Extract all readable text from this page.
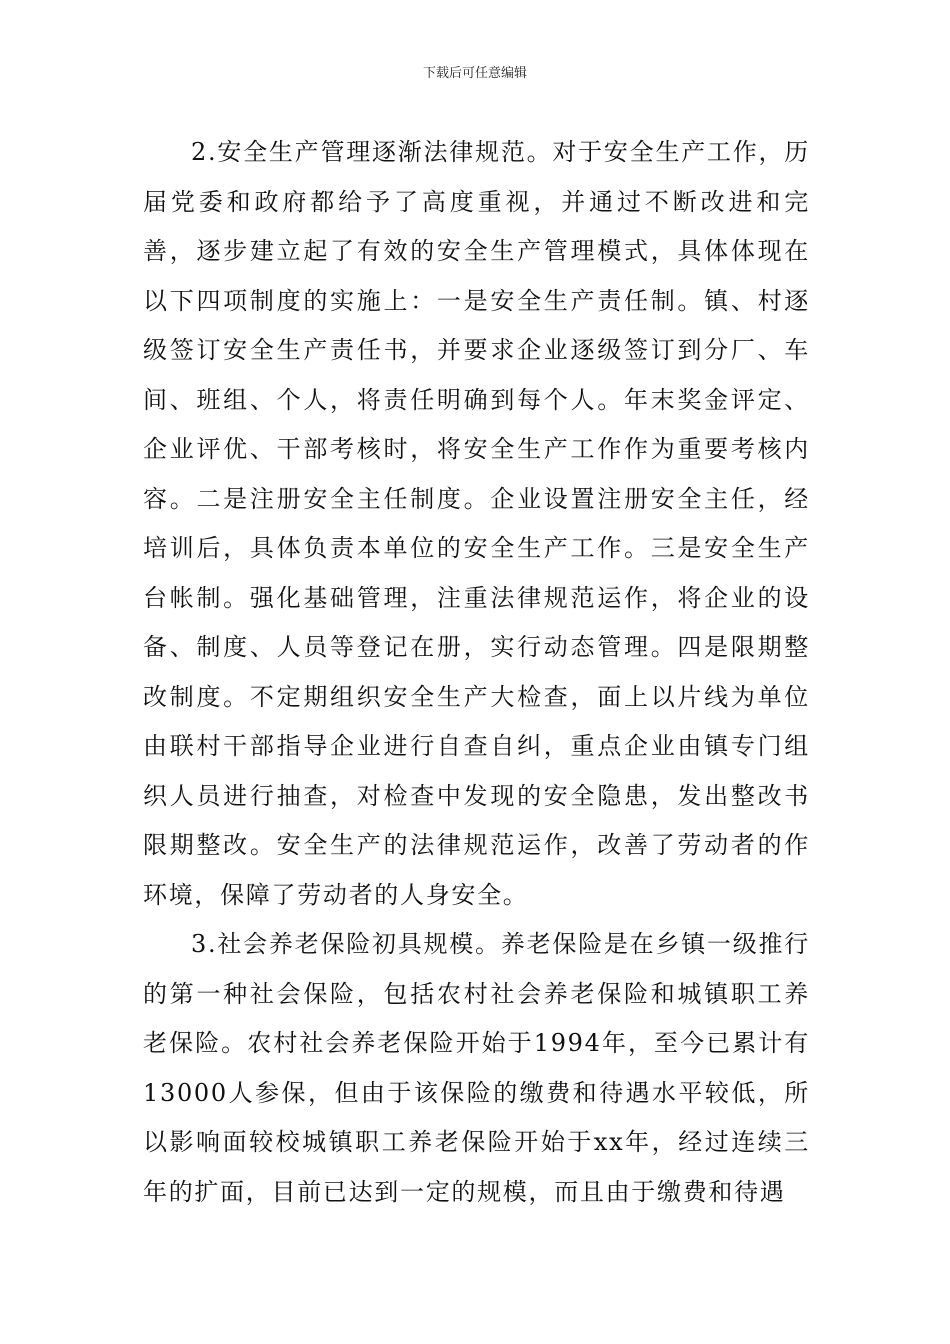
下载后可任意编辑

2.安全生产管理逐渐法律规范。对于安全生产工作，历届党委和政府都给予了高度重视，并通过不断改进和完善，逐步建立起了有效的安全生产管理模式，具体体现在以下四项制度的实施上：一是安全生产责任制。镇、村逐级签订安全生产责任书，并要求企业逐级签订到分厂、车间、班组、个人，将责任明确到每个人。年末奖金评定、企业评优、干部考核时，将安全生产工作作为重要考核内容。二是注册安全主任制度。企业设置注册安全主任，经培训后，具体负责本单位的安全生产工作。三是安全生产台帐制。强化基础管理，注重法律规范运作，将企业的设备、制度、人员等登记在册，实行动态管理。四是限期整改制度。不定期组织安全生产大检查，面上以片线为单位由联村干部指导企业进行自查自纠，重点企业由镇专门组织人员进行抽查，对检查中发现的安全隐患，发出整改书限期整改。安全生产的法律规范运作，改善了劳动者的作环境，保障了劳动者的人身安全。

3.社会养老保险初具规模。养老保险是在乡镇一级推行的第一种社会保险，包括农村社会养老保险和城镇职工养老保险。农村社会养老保险开始于1994年，至今已累计有13000人参保，但由于该保险的缴费和待遇水平较低，所以影响面较校城镇职工养老保险开始于xx年，经过连续三年的扩面，目前已达到一定的规模，而且由于缴费和待遇
